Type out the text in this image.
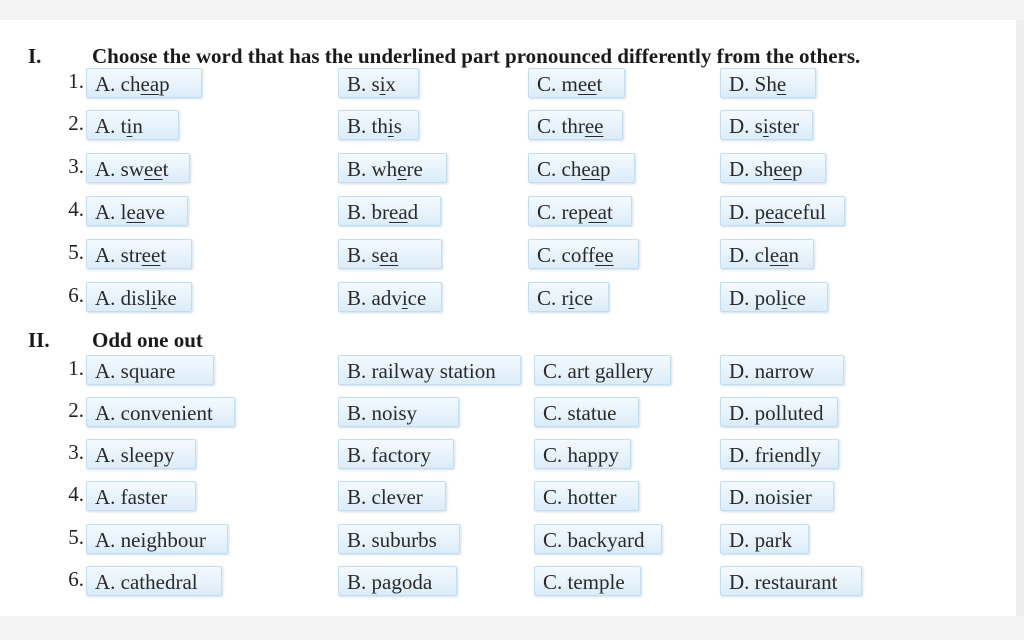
I. Choose the word that has the underlined part pronounced differently from the others.
II. Odd one out
1. A. cheap	B. six	C. meet	D. She
2. A. tin	B. this	C. three	D. sister
3. A. sweet	B. where	C. cheap	D. sheep
4. A. leave	B. bread	C. repeat	D. peaceful
5. A. street	B. sea	C. coffee	D. clean
6. A. dislike	B. advice	C. rice	D. police
1. A. square	B. railway station	C. art gallery	D. narrow
2. A. convenient	B. noisy	C. statue	D. polluted
3. A. sleepy	B. factory	C. happy	D. friendly
4. A. faster	B. clever	C. hotter	D. noisier
5. A. neighbour	B. suburbs	C. backyard	D. park
6. A. cathedral	B. pagoda	C. temple	D. restaurant
